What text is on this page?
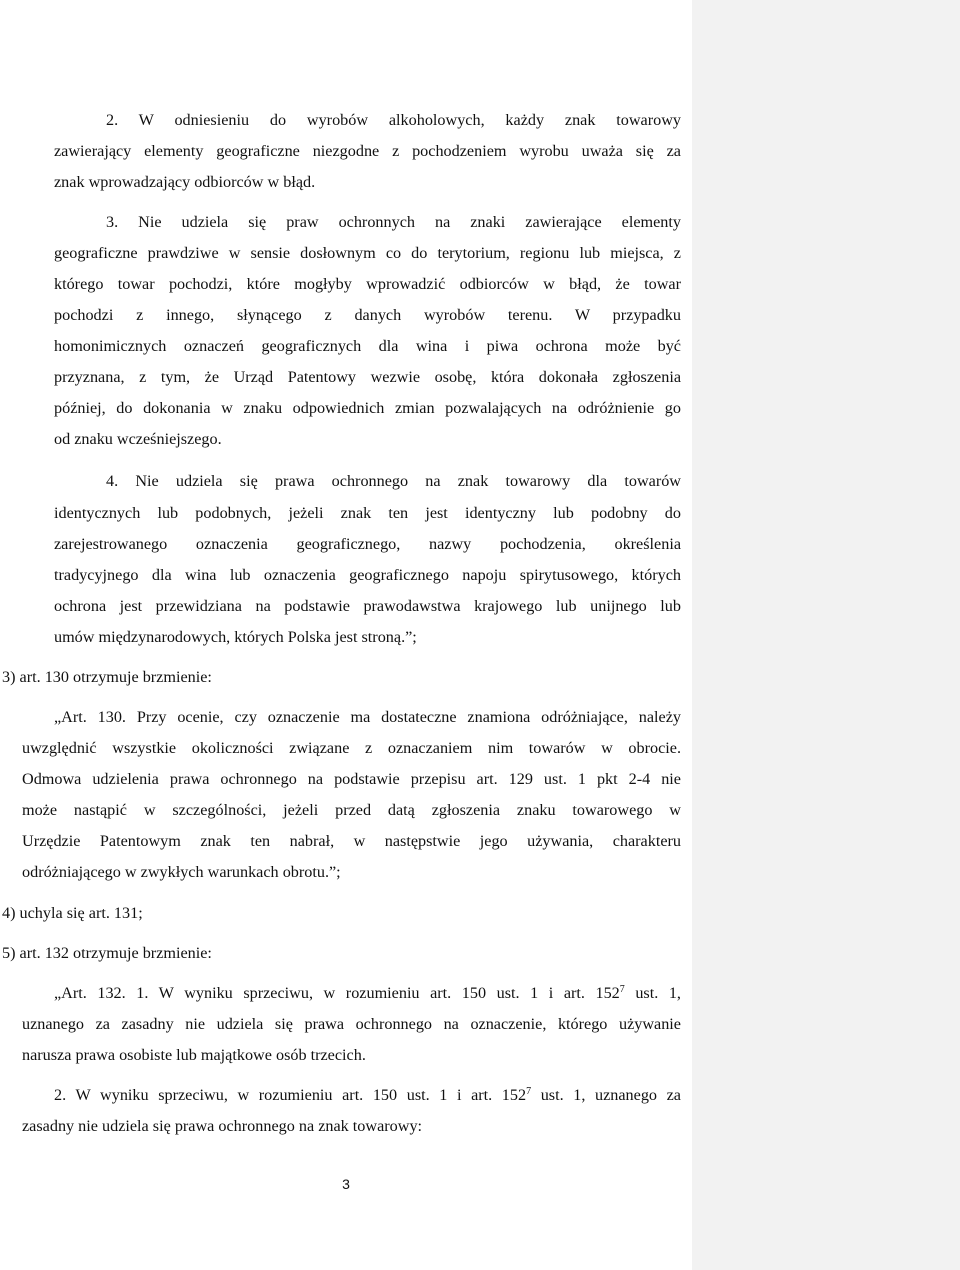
2. W odniesieniu do wyrobów alkoholowych, każdy znak towarowy

zawierający elementy geograficzne niezgodne z pochodzeniem wyrobu uważa się za

znak wprowadzający odbiorców w błąd.

3. Nie udziela się praw ochronnych na znaki zawierające elementy

geograficzne prawdziwe w sensie dosłownym co do terytorium, regionu lub miejsca, z

którego towar pochodzi, które mogłyby wprowadzić odbiorców w błąd, że towar

pochodzi z innego, słynącego z danych wyrobów terenu. W przypadku

homonimicznych oznaczeń geograficznych dla wina i piwa ochrona może być

przyznana, z tym, że Urząd Patentowy wezwie osobę, która dokonała zgłoszenia

później, do dokonania w znaku odpowiednich zmian pozwalających na odróżnienie go

od znaku wcześniejszego.

4. Nie udziela się prawa ochronnego na znak towarowy dla towarów

identycznych lub podobnych, jeżeli znak ten jest identyczny lub podobny do

zarejestrowanego oznaczenia geograficznego, nazwy pochodzenia, określenia

tradycyjnego dla wina lub oznaczenia geograficznego napoju spirytusowego, których

ochrona jest przewidziana na podstawie prawodawstwa krajowego lub unijnego lub

umów międzynarodowych, których Polska jest stroną.”;

3) art. 130 otrzymuje brzmienie:

„Art. 130. Przy ocenie, czy oznaczenie ma dostateczne znamiona odróżniające, należy

uwzględnić wszystkie okoliczności związane z oznaczaniem nim towarów w obrocie.

Odmowa udzielenia prawa ochronnego na podstawie przepisu art. 129 ust. 1 pkt 2-4 nie

może nastąpić w szczególności, jeżeli przed datą zgłoszenia znaku towarowego w

Urzędzie Patentowym znak ten nabrał, w następstwie jego używania, charakteru

odróżniającego w zwykłych warunkach obrotu.”;

4) uchyla się art. 131;

5) art. 132 otrzymuje brzmienie:

„Art. 132. 1. W wyniku sprzeciwu, w rozumieniu art. 150 ust. 1 i art. $152^7$ ust. 1,

uznanego za zasadny nie udziela się prawa ochronnego na oznaczenie, którego używanie

narusza prawa osobiste lub majątkowe osób trzecich.

2. W wyniku sprzeciwu, w rozumieniu art. 150 ust. 1 i art. $152^7$ ust. 1, uznanego za

zasadny nie udziela się prawa ochronnego na znak towarowy:

3
